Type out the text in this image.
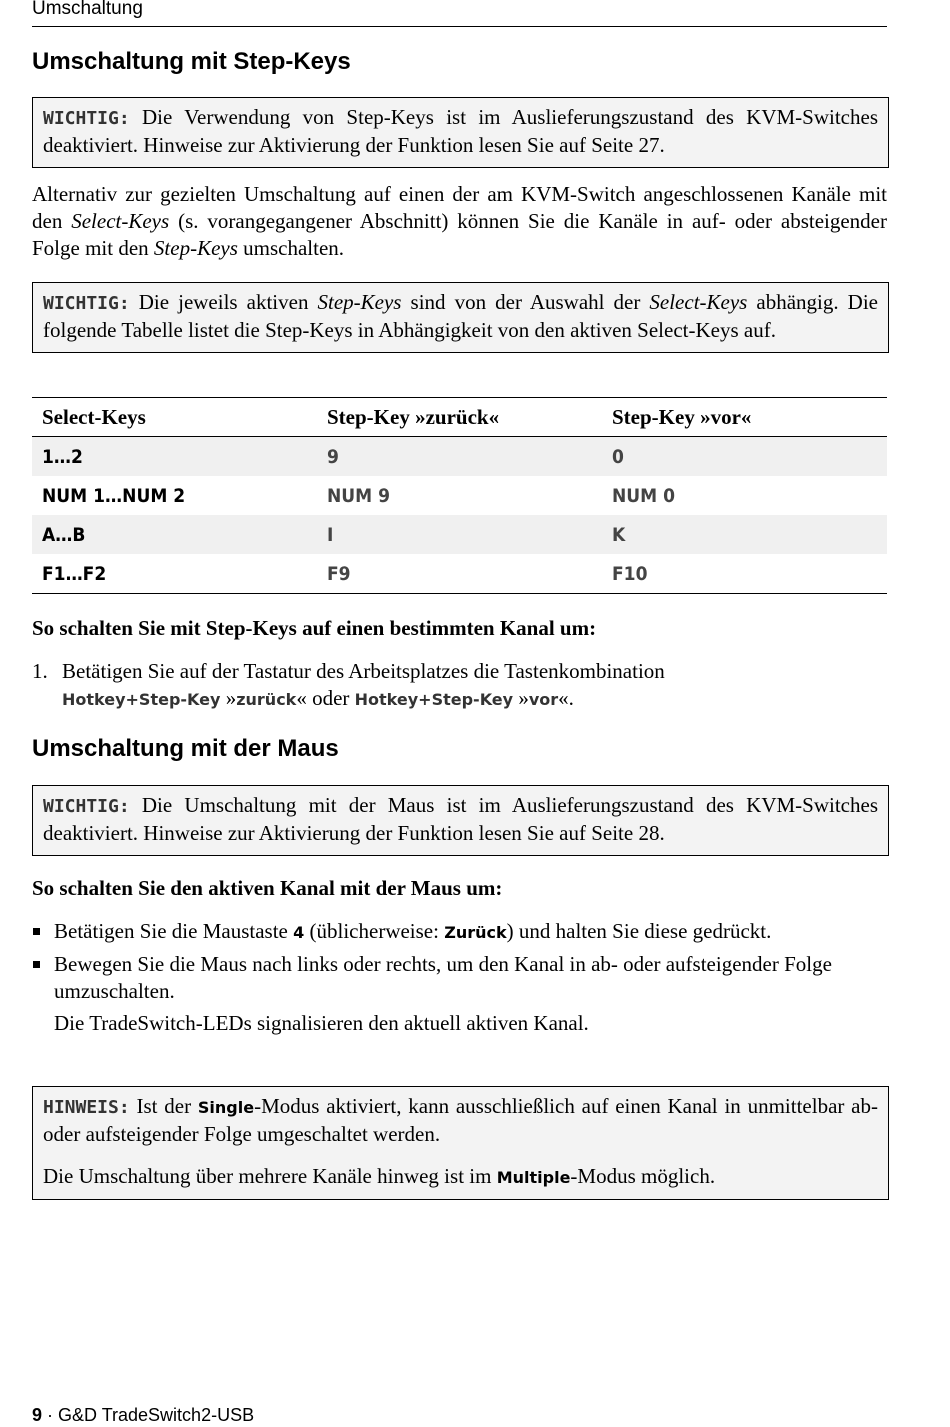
Umschaltung
Umschaltung mit Step-Keys

WICHTIG: Die Verwendung von Step-Keys ist im Auslieferungszustand des KVM-Switches deaktiviert. Hinweise zur Aktivierung der Funktion lesen Sie auf Seite 27.

Alternativ zur gezielten Umschaltung auf einen der am KVM-Switch angeschlossenen Kanäle mit den Select-Keys (s. vorangegangener Abschnitt) können Sie die Kanäle in auf- oder absteigender Folge mit den Step-Keys umschalten.

WICHTIG: Die jeweils aktiven Step-Keys sind von der Auswahl der Select-Keys abhängig. Die folgende Tabelle listet die Step-Keys in Abhängigkeit von den aktiven Select-Keys auf.

Select-Keys	Step-Key »zurück«	Step-Key »vor«
1…2	9	0
NUM 1…NUM 2	NUM 9	NUM 0
A…B	I	K
F1…F2	F9	F10
So schalten Sie mit Step-Keys auf einen bestimmten Kanal um:
1. Betätigen Sie auf der Tastatur des Arbeitsplatzes die Tastenkombination
Hotkey+Step-Key »zurück« oder Hotkey+Step-Key »vor«.
Umschaltung mit der Maus

WICHTIG: Die Umschaltung mit der Maus ist im Auslieferungszustand des KVM-Switches deaktiviert. Hinweise zur Aktivierung der Funktion lesen Sie auf Seite 28.

So schalten Sie den aktiven Kanal mit der Maus um:
Betätigen Sie die Maustaste 4 (üblicherweise: Zurück) und halten Sie diese gedrückt.
Bewegen Sie die Maus nach links oder rechts, um den Kanal in ab- oder aufsteigender Folge umzuschalten.
Die TradeSwitch-LEDs signalisieren den aktuell aktiven Kanal.

HINWEIS: Ist der Single-Modus aktiviert, kann ausschließlich auf einen Kanal in unmittelbar ab- oder aufsteigender Folge umgeschaltet werden.

Die Umschaltung über mehrere Kanäle hinweg ist im Multiple-Modus möglich.

9 · G&D TradeSwitch2-USB
